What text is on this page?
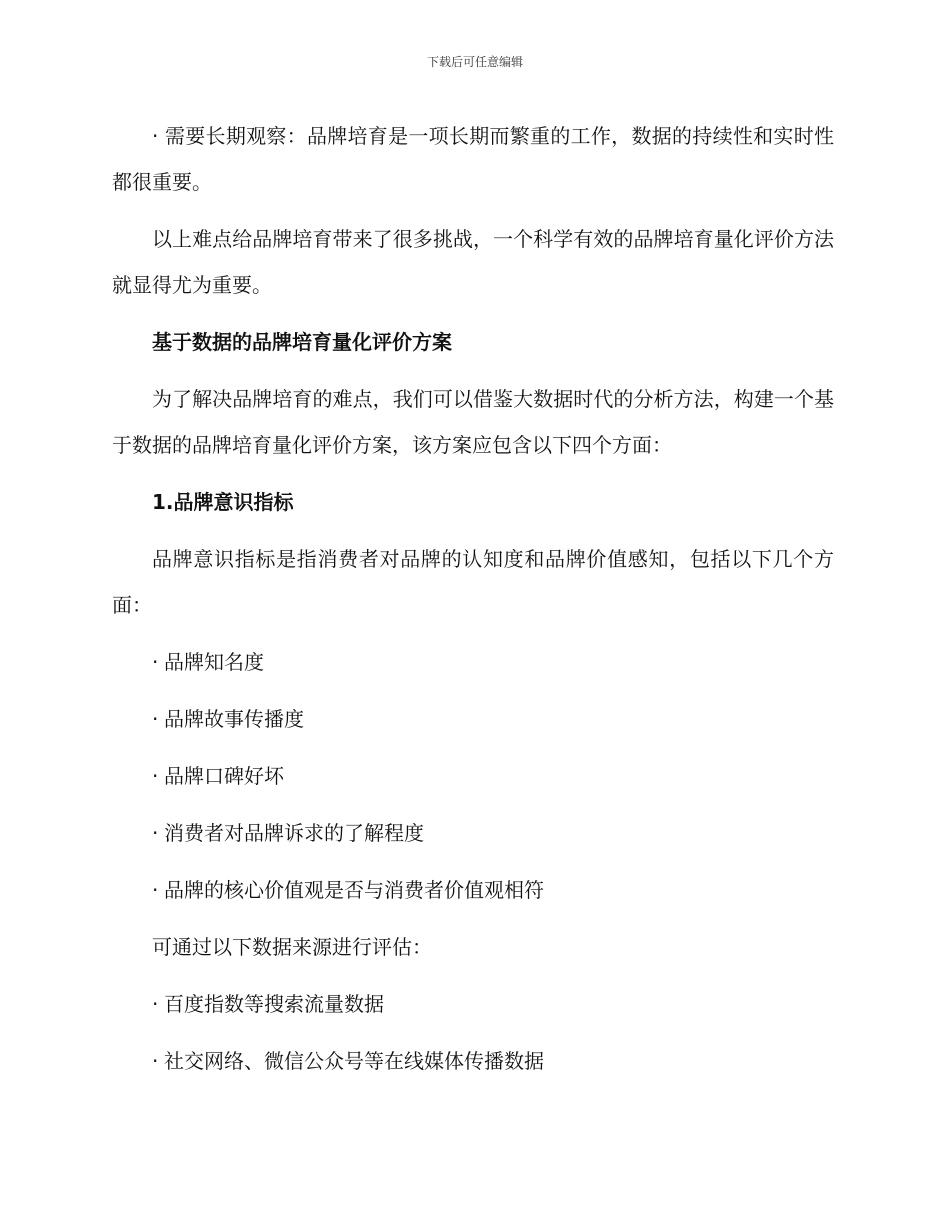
下载后可任意编辑

· 需要长期观察：品牌培育是一项长期而繁重的工作，数据的持续性和实时性都很重要。

以上难点给品牌培育带来了很多挑战，一个科学有效的品牌培育量化评价方法就显得尤为重要。

基于数据的品牌培育量化评价方案

为了解决品牌培育的难点，我们可以借鉴大数据时代的分析方法，构建一个基于数据的品牌培育量化评价方案，该方案应包含以下四个方面：

1.品牌意识指标

品牌意识指标是指消费者对品牌的认知度和品牌价值感知，包括以下几个方面：

· 品牌知名度
· 品牌故事传播度
· 品牌口碑好坏
· 消费者对品牌诉求的了解程度
· 品牌的核心价值观是否与消费者价值观相符

可通过以下数据来源进行评估：

· 百度指数等搜索流量数据
· 社交网络、微信公众号等在线媒体传播数据
